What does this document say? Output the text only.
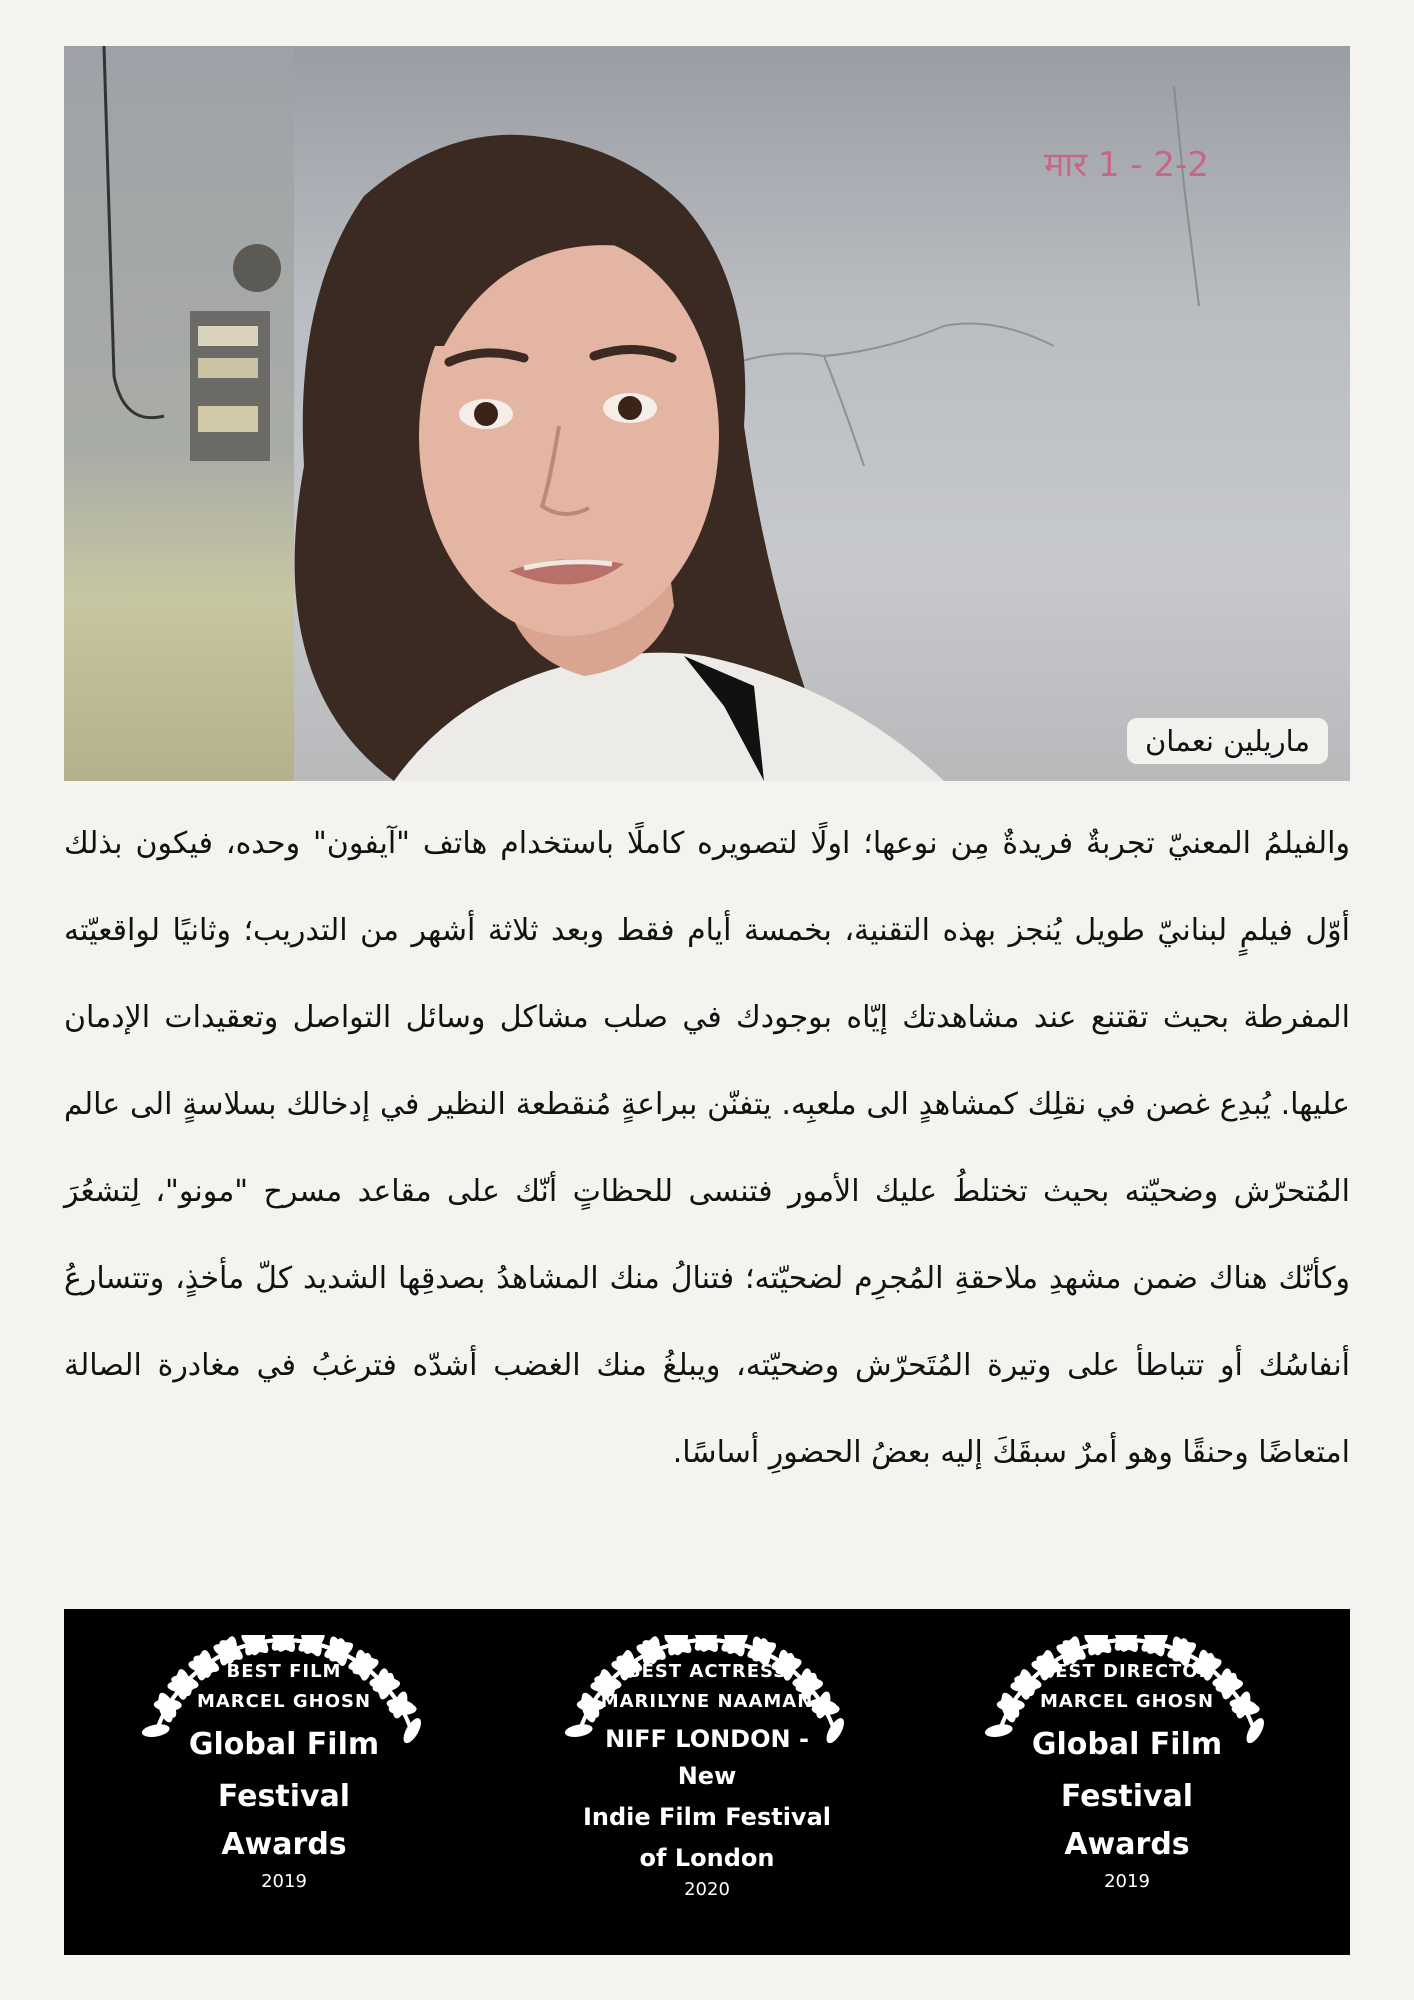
मार 1 - 2-2
ماريلين نعمان

والفيلمُ المعنيّ تجربةٌ فريدةٌ مِن نوعها؛ اولًا لتصويره كاملًا باستخدام هاتف "آيفون" وحده، فيكون بذلك أوّل فيلمٍ لبنانيّ طويل يُنجز بهذه التقنية، بخمسة أيام فقط وبعد ثلاثة أشهر من التدريب؛ وثانيًا لواقعيّته المفرطة بحيث تقتنع عند مشاهدتك إيّاه بوجودك في صلب مشاكل وسائل التواصل وتعقيدات الإدمان عليها. يُبدِع غصن في نقلِك كمشاهدٍ الى ملعبِه. يتفنّن ببراعةٍ مُنقطعة النظير في إدخالك بسلاسةٍ الى عالم المُتحرّش وضحيّته بحيث تختلطُ عليك الأمور فتنسى للحظاتٍ أنّك على مقاعد مسرح "مونو"، لِتشعُرَ وكأنّك هناك ضمن مشهدِ ملاحقةِ المُجرِم لضحيّته؛ فتنالُ منك المشاهدُ بصدقِها الشديد كلّ مأخذٍ، وتتسارعُ أنفاسُك أو تتباطأ على وتيرة المُتَحرّش وضحيّته، ويبلغُ منك الغضب أشدّه فترغبُ في مغادرة الصالة امتعاضًا وحنقًا وهو أمرٌ سبقَكَ إليه بعضُ الحضورِ أساسًا.

BEST FILM
MARCEL GHOSN
Global Film
Festival Awards
2019
BEST ACTRESS
MARILYNE NAAMAN
NIFF LONDON - New
Indie Film Festival
of London
2020
BEST DIRECTOR
MARCEL GHOSN
Global Film
Festival Awards
2019
